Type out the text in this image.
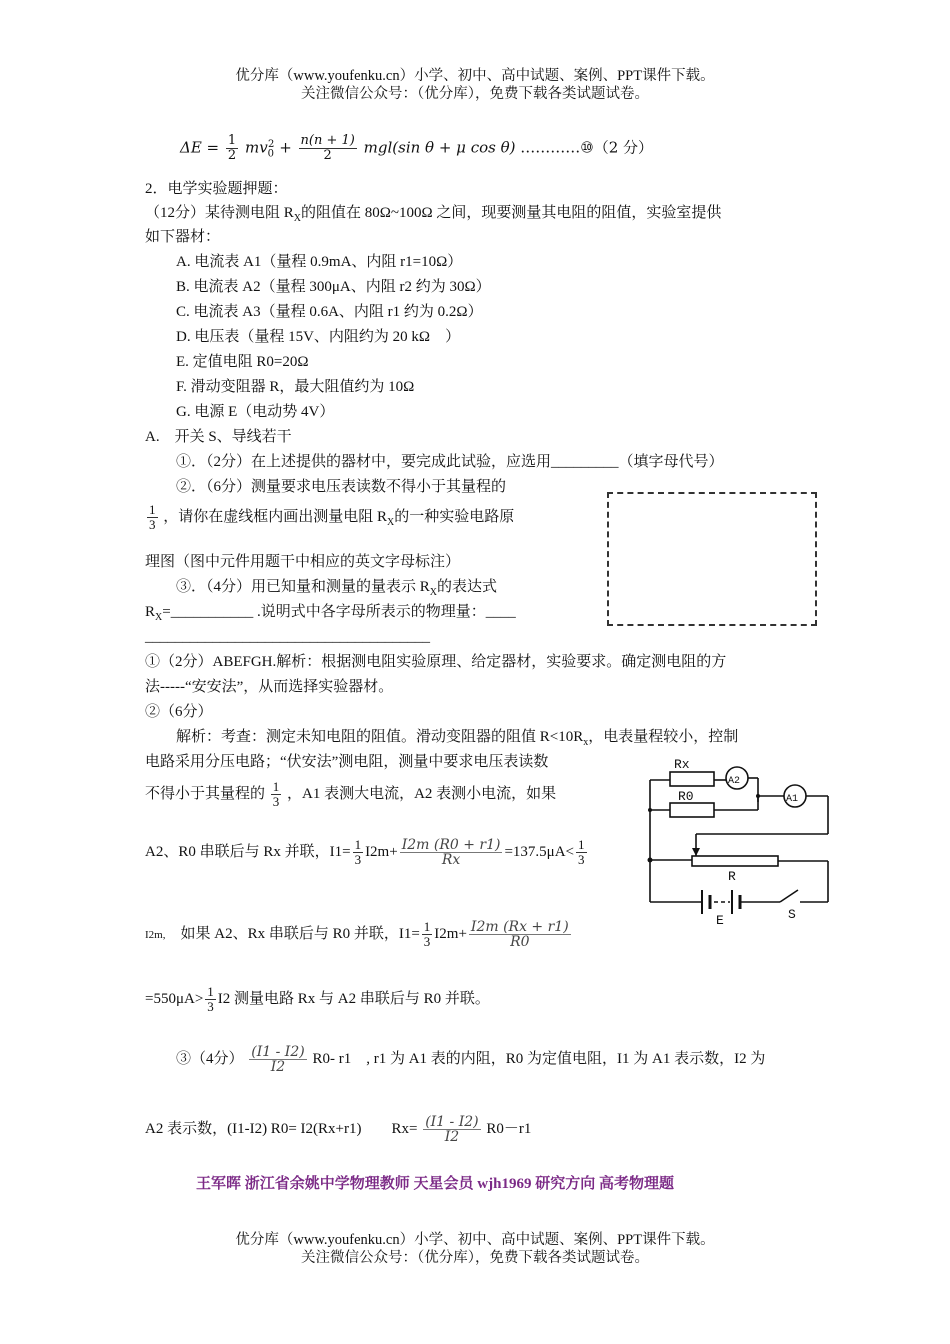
优分库（www.youfenku.cn）小学、初中、高中试题、案例、PPT课件下载。
关注微信公众号：（优分库），免费下载各类试题试卷。
$\Delta E = \frac{1}{2} mv_0^2 + \frac{n(n + 1)}{2} mgl(\sin$ θ + μ cos θ) …………⑩（2 分）
2．电学实验题押题：
（12分）某待测电阻 $R_X$的阻值在 80Ω~100Ω 之间，现要测量其电阻的阻值，实验室提供
如下器材：
A. 电流表 A1（量程 0.9mA、内阻 r1=10Ω）
B. 电流表 A2（量程 300μA、内阻 r2 约为 30Ω）
C. 电流表 A3（量程 0.6A、内阻 r1 约为 0.2Ω）
D. 电压表（量程 15V、内阻约为 20 kΩ　）
E. 定值电阻 R0=20Ω
F. 滑动变阻器 R，最大阻值约为 10Ω
G. 电源 E（电动势 4V）
A.　开关 S、导线若干
①．（2分）在上述提供的器材中，要完成此试验，应选用_________（填字母代号）
②．（6分）测量要求电压表读数不得小于其量程的
$\frac{1}{3}$ ，请你在虚线框内画出测量电阻 $R_X$的一种实验电路原
理图（图中元件用题干中相应的英文字母标注）
③．（4分）用已知量和测量的量表示 $R_X$的表达式
$R_X=\_\_\_\_\_\_\_\_\_\_\_$ .说明式中各字母所表示的物理量：____
______________________________________
①（2分）ABEFGH.解析：根据测电阻实验原理、给定器材，实验要求。确定测电阻的方
法-----“安安法”，从而选择实验器材。
②（6分）
解析：考查：测定未知电阻的阻值。滑动变阻器的阻值 $R<10R_x$，电表量程较小，控制
电路采用分压电路；“伏安法”测电阻，测量中要求电压表读数
不得小于其量程的 $\frac{1}{3}$ ，A1 表测大电流，A2 表测小电流，如果
A2、R0 串联后与 Rx 并联，$I1= \frac{1}{3} I2m+ \frac{I2m (R0 + r1)}{Rx} =137.5\mu A< \frac{1}{3}$
I2m, 如果 A2、Rx 串联后与 R0 并联，$I1= \frac{1}{3} I2m+ \frac{I2m (Rx + r1)}{R0}$
$=550\mu A> \frac{1}{3} I2$ 测量电路 Rx 与 A2 串联后与 R0 并联。
③（4分） $\frac{(I1 - I2)}{I2} R0-$ r1　, r1 为 A1 表的内阻，R0 为定值电阻，I1 为 A1 表示数，I2 为
A2 表示数，(I1-I2) R0= I2(Rx+r1)　　$Rx= \frac{(I1 - I2)}{I2} R0-r1$
Rx
A2
A1
R0
R
E	S
王军晖 浙江省余姚中学物理教师 天星会员 wjh1969 研究方向 高考物理题
优分库（www.youfenku.cn）小学、初中、高中试题、案例、PPT课件下载。
关注微信公众号：（优分库），免费下载各类试题试卷。
